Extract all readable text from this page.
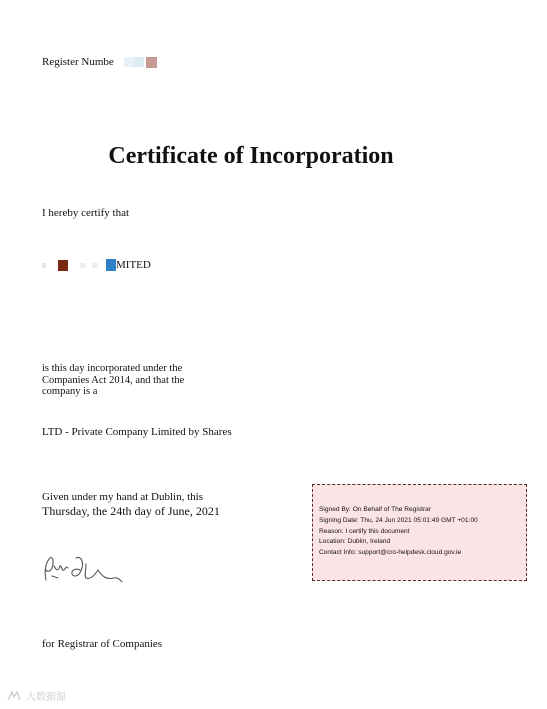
Register Numbe
Certificate of Incorporation
I hereby certify that
MITED
is this day incorporated under the
Companies Act 2014, and that the
company is a
LTD - Private Company Limited by Shares
Given under my hand at Dublin, this
Thursday, the 24th day of June, 2021
for Registrar of Companies
Signed By: On Behalf of The Registrar
Signing Date: Thu, 24 Jun 2021 05:01:49 GMT +01:00
Reason: I certify this document
Location: Dublin, Ireland
Contact Info: support@cro-helpdesk.cloud.gov.ie
大数据源
